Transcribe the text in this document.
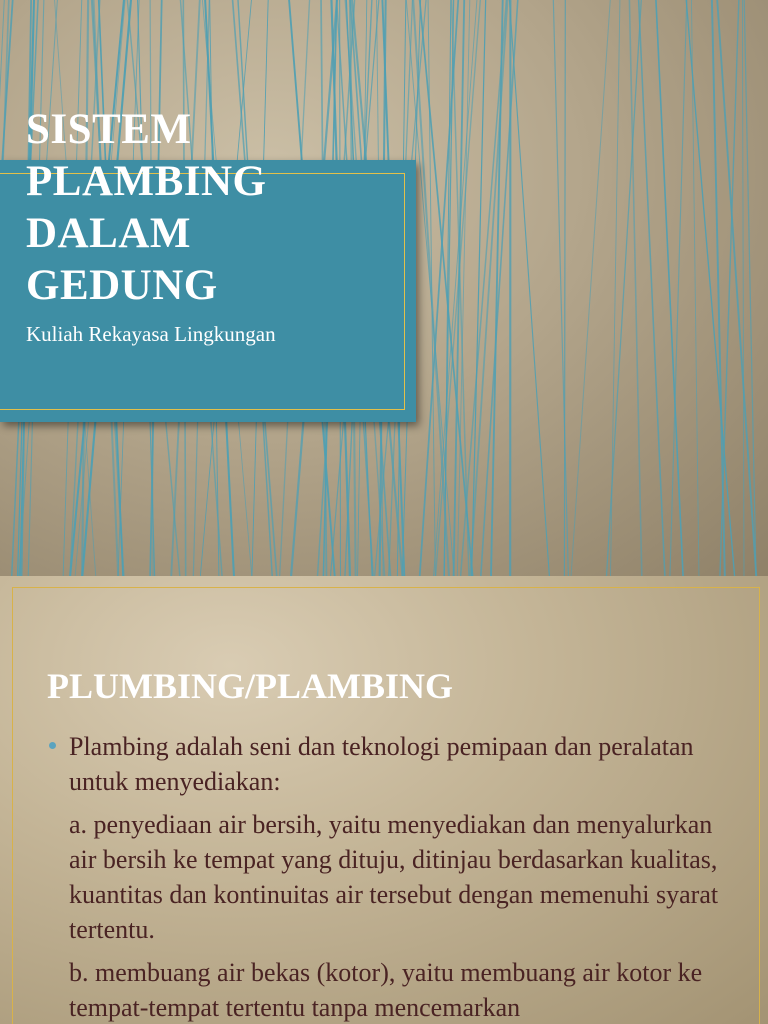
SISTEM PLAMBING DALAM GEDUNG

Kuliah Rekayasa Lingkungan

PLUMBING/PLAMBING
Plambing adalah seni dan teknologi pemipaan dan peralatan untuk menyediakan:
a. penyediaan air bersih, yaitu menyediakan dan menyalurkan air bersih ke tempat yang dituju, ditinjau berdasarkan kualitas, kuantitas dan kontinuitas air tersebut dengan memenuhi syarat tertentu.
b. membuang air bekas (kotor), yaitu membuang air kotor ke tempat-tempat tertentu tanpa mencemarkan
